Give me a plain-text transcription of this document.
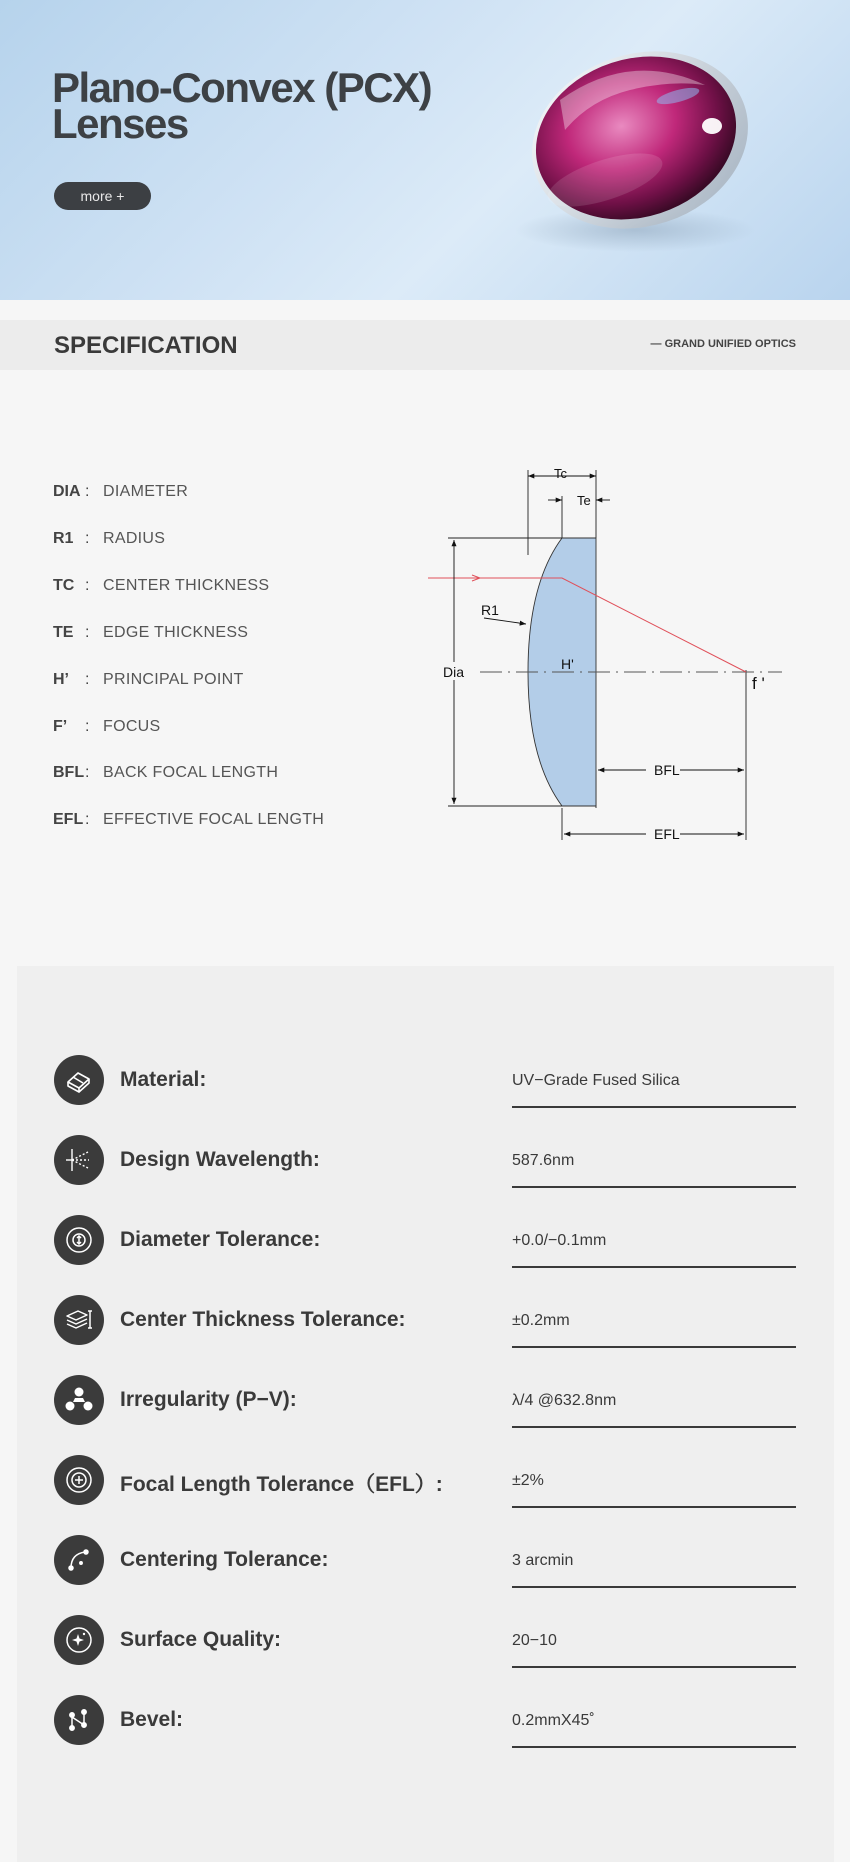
Plano-Convex (PCX)
Lenses
more +
SPECIFICATION	— GRAND UNIFIED OPTICS
DIA : DIAMETER
R1 : RADIUS
TC : CENTER THICKNESS
TE : EDGE THICKNESS
H’ : PRINCIPAL POINT
F’ : FOCUS
BFL : BACK FOCAL LENGTH
EFL : EFFECTIVE FOCAL LENGTH
Tc
Te
R1
Dia	H'
f '
BFL
EFL
Material:	UV−Grade Fused Silica
Design Wavelength:	587.6nm
Diameter Tolerance:	+0.0/−0.1mm
Center Thickness Tolerance:	±0.2mm
Irregularity (P−V):	λ/4 @632.8nm
Focal Length Tolerance（EFL）:	±2%
Centering Tolerance:	3 arcmin
Surface Quality:	20−10
Bevel:	0.2mmX45˚
